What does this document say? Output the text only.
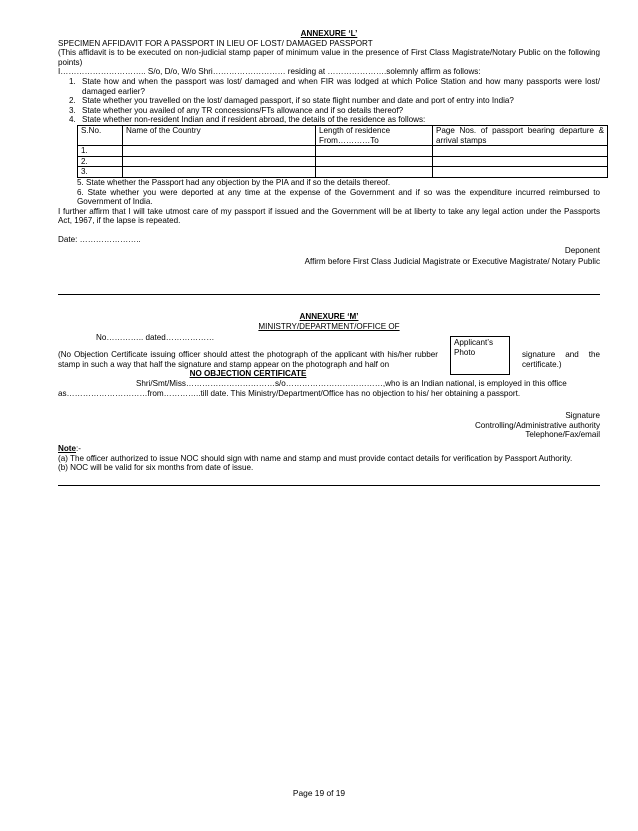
ANNEXURE ‘L’

SPECIMEN AFFIDAVIT FOR A PASSPORT IN LIEU OF LOST/ DAMAGED PASSPORT

(This affidavit is to be executed on non-judicial stamp paper of minimum value in the presence of First Class Magistrate/Notary Public on the following points)

I………………………….. S/o, D/o, W/o Shri……………………… residing at ………………….solemnly affirm as follows:

1. State how and when the passport was lost/ damaged and when FIR was lodged at which Police Station and how many passports were lost/ damaged earlier?
2. State whether you travelled on the lost/ damaged passport, if so state flight number and date and port of entry into India?
3. State whether you availed of any TR concessions/FTs allowance and if so details thereof?
4. State whether non-resident Indian and if resident abroad, the details of the residence as follows:
S.No.	Name of the Country	Length of residence From…………To	Page Nos. of passport bearing departure & arrival stamps
1.			
2.			
3.			

5. State whether the Passport had any objection by the PIA and if so the details thereof.

6. State whether you were deported at any time at the expense of the Government and if so was the expenditure incurred reimbursed to Government of India.

I further affirm that I will take utmost care of my passport if issued and the Government will be at liberty to take any legal action under the Passports Act, 1967, if the lapse is repeated.

Date: …………………..

Deponent

Affirm before First Class Judicial Magistrate or Executive Magistrate/ Notary Public

ANNEXURE ‘M’

MINISTRY/DEPARTMENT/OFFICE OF

No………….. dated………………

Applicant’s Photo
(No Objection Certificate issuing officer should attest the photograph of the applicant with his/her rubber stamp in such a way that half the signature and stamp appear on the photograph and half on
signature and the certificate.)
NO OBJECTION CERTIFICATE

Shri/Smt/Miss……………………………s/o………………………………,who is an Indian national, is employed in this office

as…………………………from…………..till date. This Ministry/Department/Office has no objection to his/ her obtaining a passport.

Signature

Controlling/Administrative authority

Telephone/Fax/email

Note:-

(a) The officer authorized to issue NOC should sign with name and stamp and must provide contact details for verification by Passport Authority.

(b) NOC will be valid for six months from date of issue.

Page 19 of 19
